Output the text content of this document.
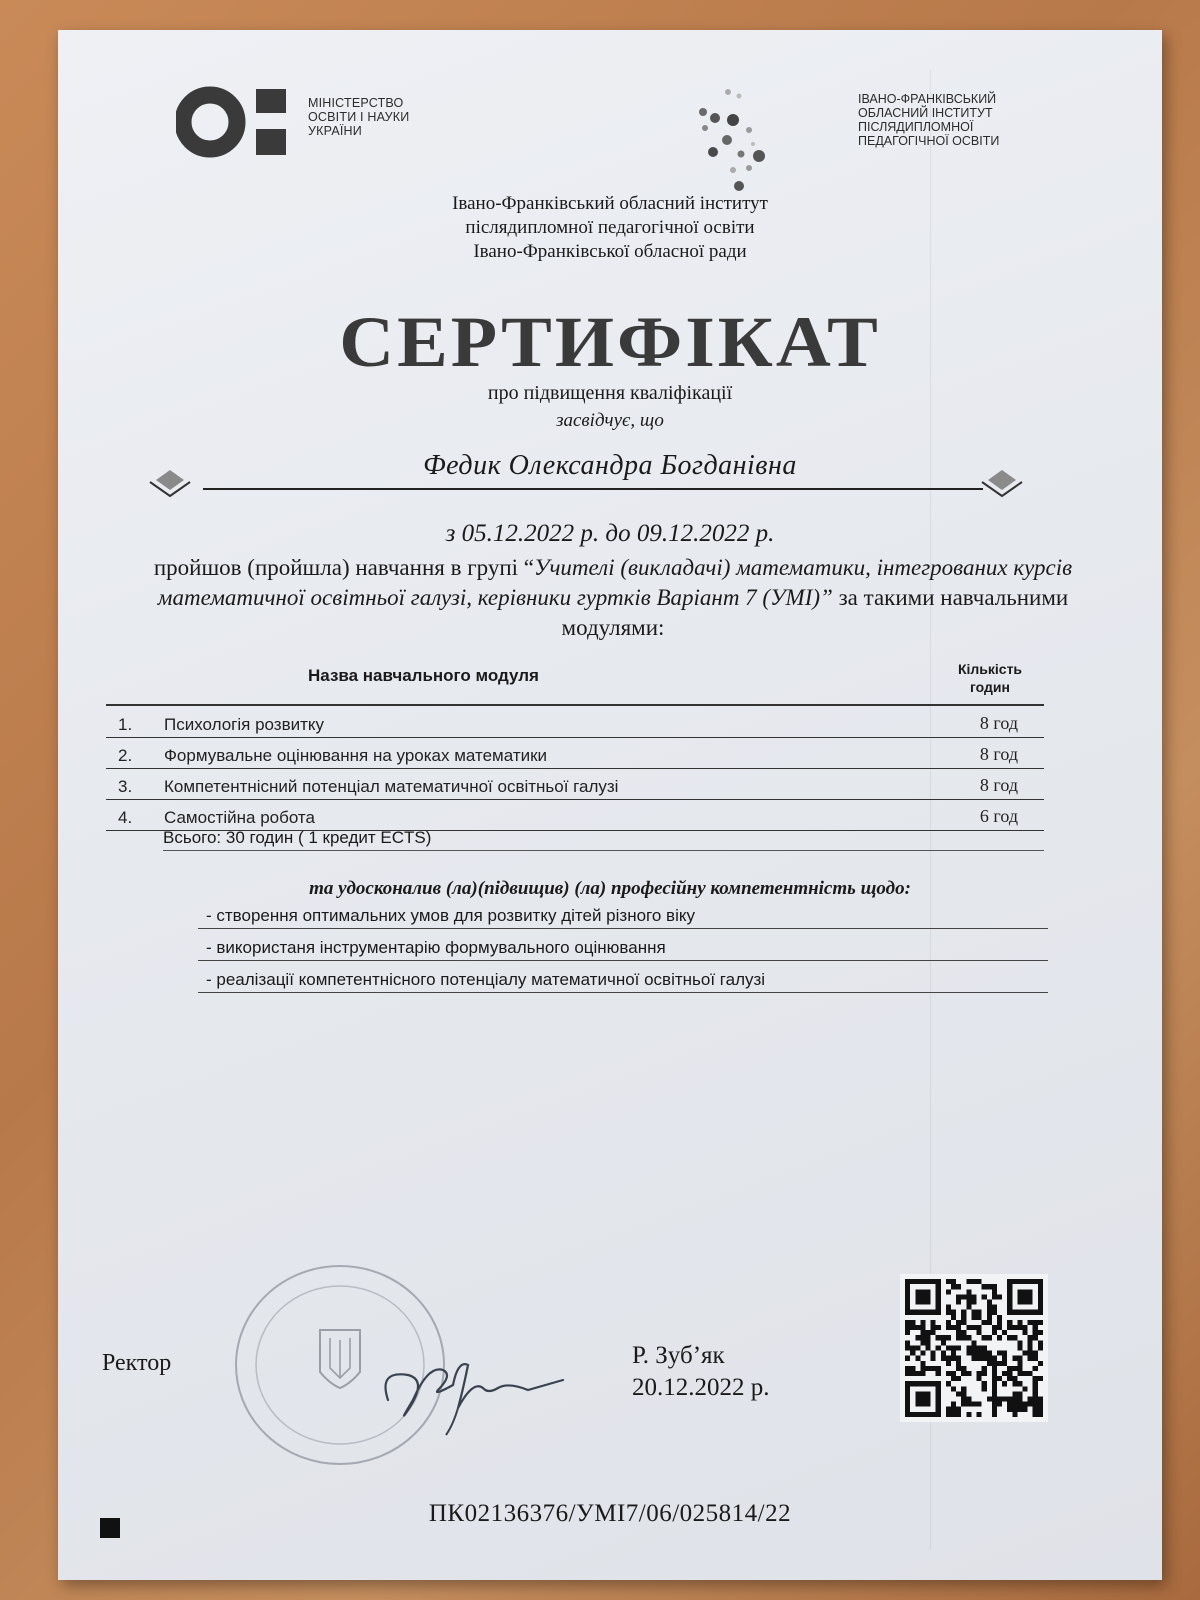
МІНІСТЕРСТВО
ОСВІТИ І НАУКИ
УКРАЇНИ
ІВАНО-ФРАНКІВСЬКИЙ
ОБЛАСНИЙ ІНСТИТУТ
ПІСЛЯДИПЛОМНОЇ
ПЕДАГОГІЧНОЇ ОСВІТИ
Івано-Франківський обласний інститут
післядипломної педагогічної освіти
Івано-Франківської обласної ради
СЕРТИФІКАТ
про підвищення кваліфікації
засвідчує, що
Федик Олександра Богданівна
з 05.12.2022 р. до 09.12.2022 р.
пройшов (пройшла) навчання в групі “Учителі (викладачі) математики, інтегрованих курсів математичної освітньої галузі, керівники гуртків Варіант 7 (УМІ)” за такими навчальними модулями:
Назва навчального модуля	Кількість
годин
1. Психологія розвитку	8 год
2. Формувальне оцінювання на уроках математики	8 год
3. Компетентнісний потенціал математичної освітньої галузі	8 год
4. Самостійна робота	6 год
Всього: 30 годин ( 1 кредит ECTS)
та удосконалив (ла)(підвищив) (ла) професійну компетентність щодо:
- створення оптимальних умов для розвитку дітей різного віку
- використаня інструментарію формувального оцінювання
- реалізації компетентнісного потенціалу математичної освітньої галузі
Ректор	Р. Зуб’як
20.12.2022 р.
ПК02136376/УМІ7/06/025814/22
